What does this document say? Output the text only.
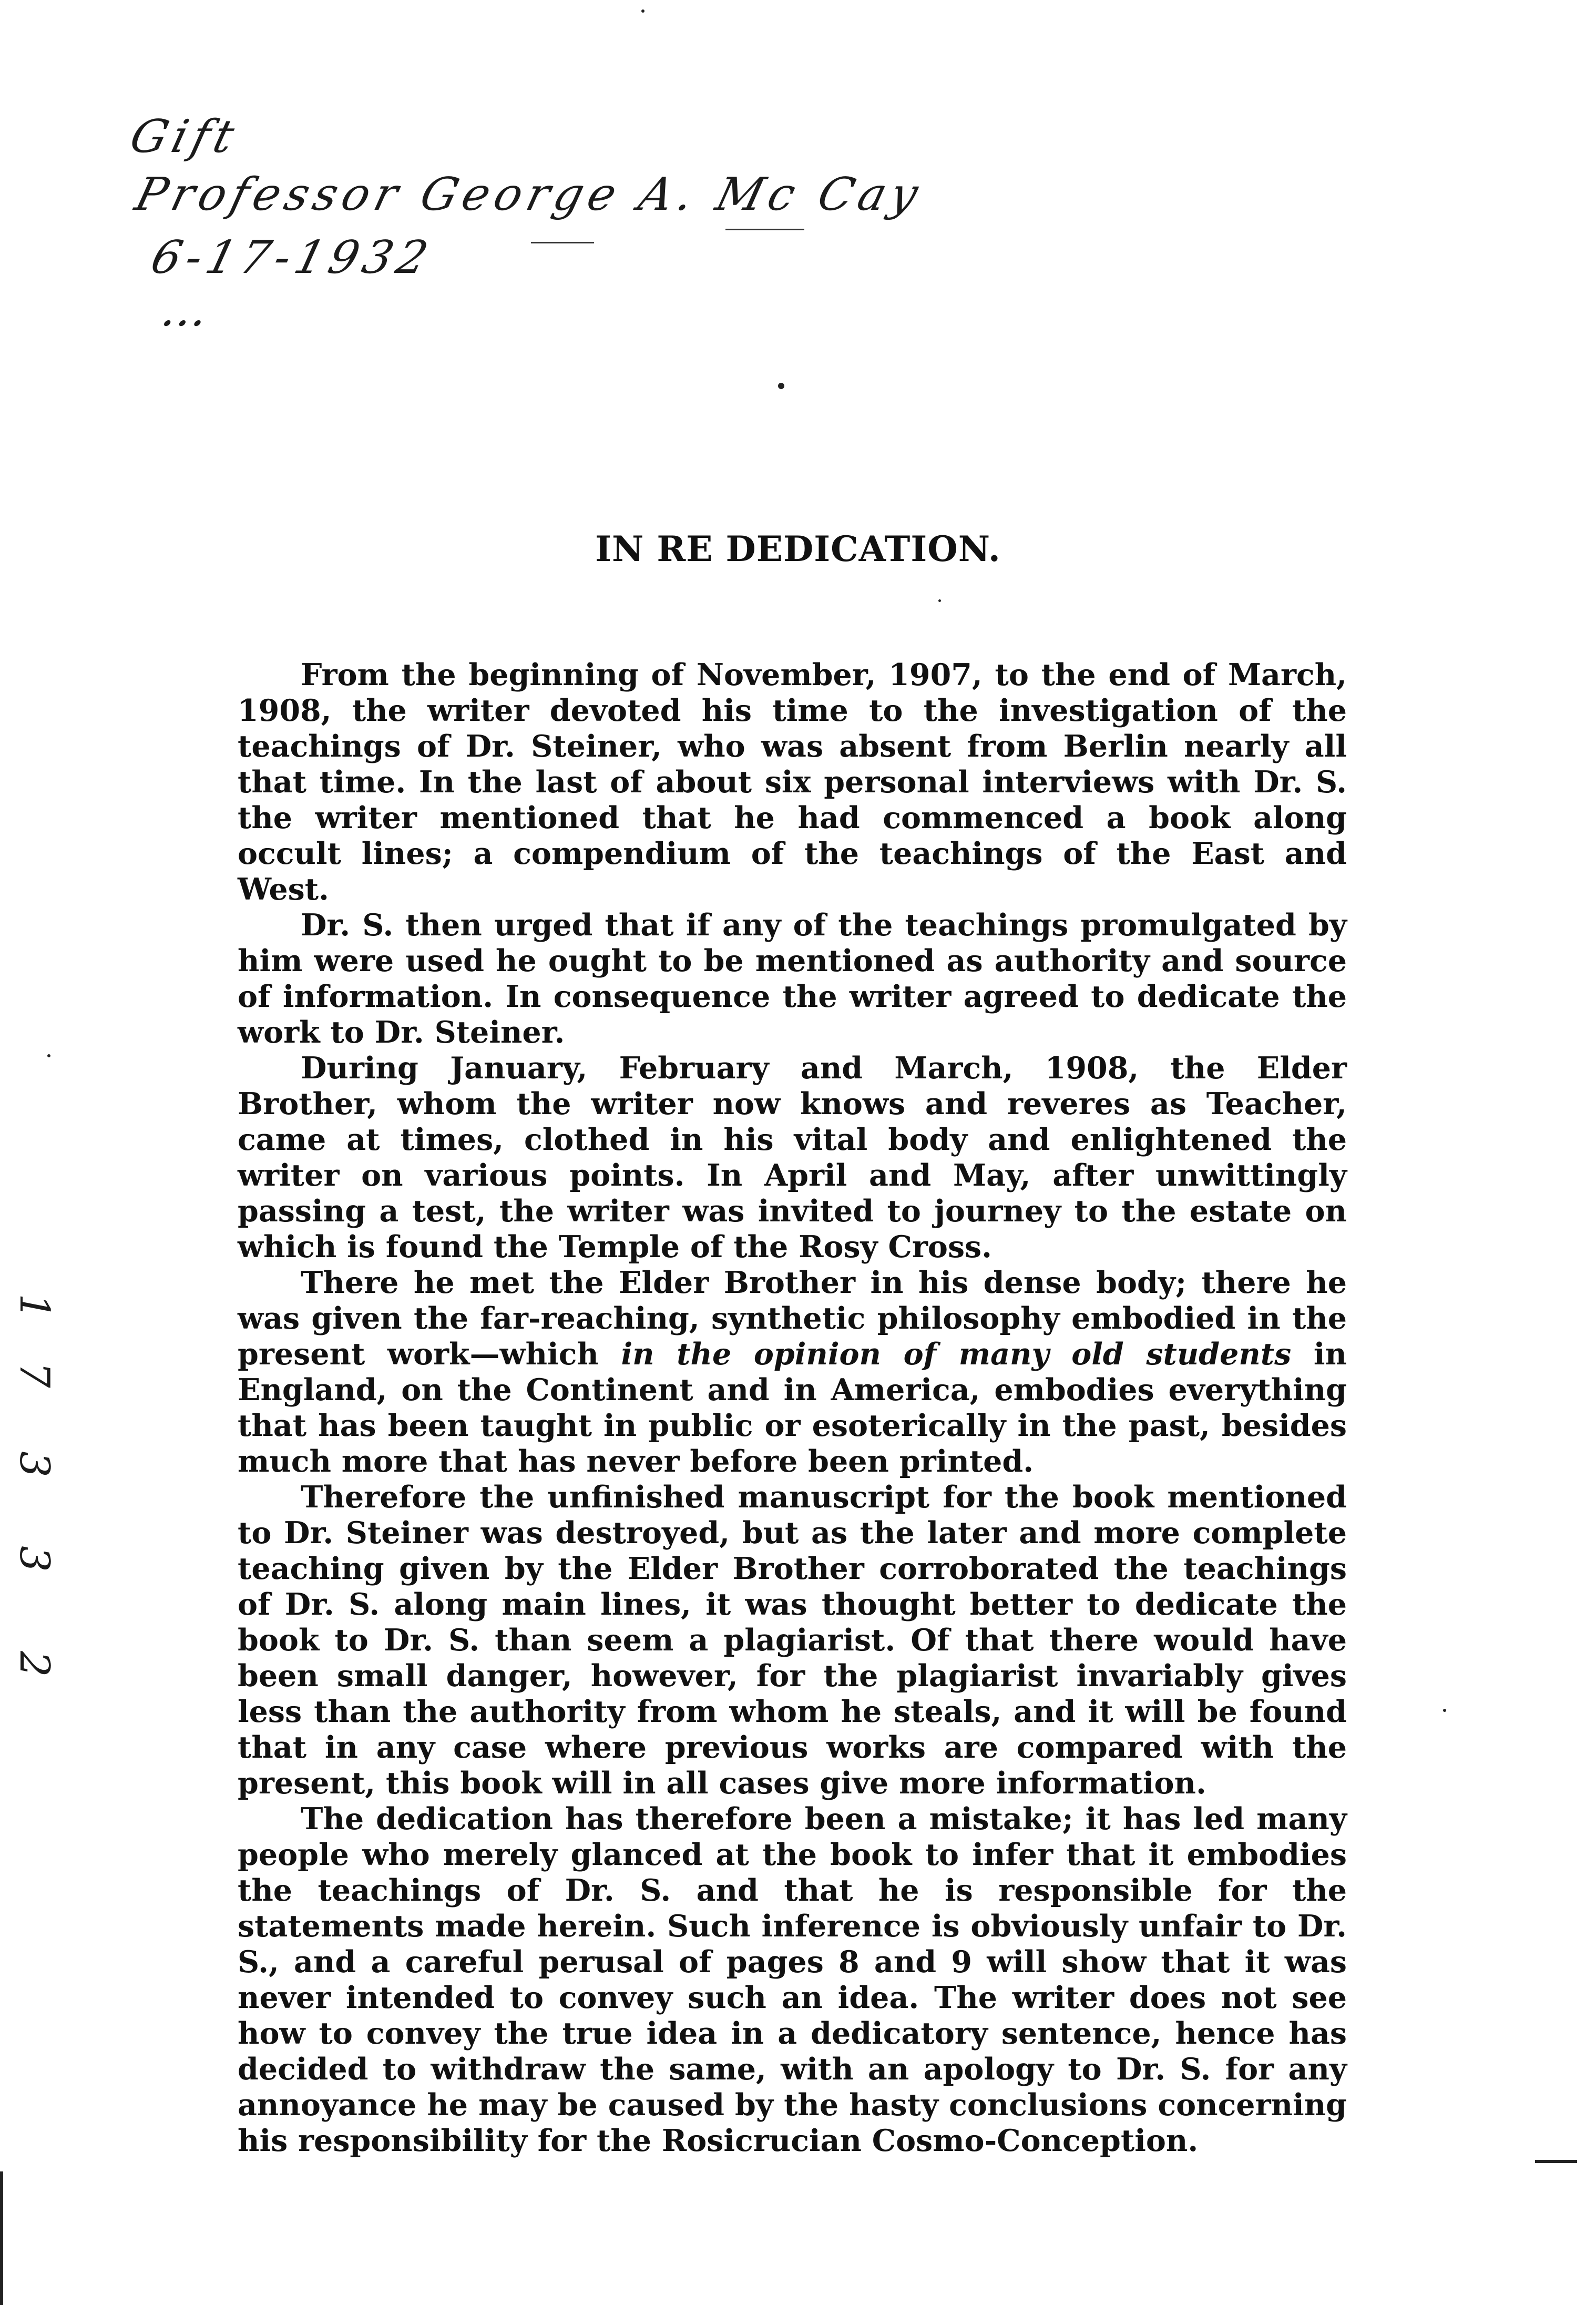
Gift
Professor George A. Mc Cay
6-17-1932
…
1
7
3
3
2
IN RE DEDICATION.

From the beginning of November, 1907, to the end of March, 1908, the writer devoted his time to the investigation of the teachings of Dr. Steiner, who was absent from Berlin nearly all that time. In the last of about six personal interviews with Dr. S. the writer mentioned that he had commenced a book along occult lines; a compendium of the teachings of the East and West.

Dr. S. then urged that if any of the teachings promulgated by him were used he ought to be mentioned as authority and source of information. In consequence the writer agreed to dedicate the work to Dr. Steiner.

During January, February and March, 1908, the Elder Brother, whom the writer now knows and reveres as Teacher, came at times, clothed in his vital body and enlightened the writer on various points. In April and May, after unwittingly passing a test, the writer was invited to journey to the estate on which is found the Temple of the Rosy Cross.

There he met the Elder Brother in his dense body; there he was given the far-reaching, synthetic philosophy embodied in the present work—which in the opinion of many old students in England, on the Continent and in America, embodies everything that has been taught in public or esoterically in the past, besides much more that has never before been printed.

Therefore the unfinished manuscript for the book mentioned to Dr. Steiner was destroyed, but as the later and more complete teaching given by the Elder Brother corroborated the teachings of Dr. S. along main lines, it was thought better to dedicate the book to Dr. S. than seem a plagiarist. Of that there would have been small danger, however, for the plagiarist invariably gives less than the authority from whom he steals, and it will be found that in any case where previous works are compared with the present, this book will in all cases give more information.

The dedication has therefore been a mistake; it has led many people who merely glanced at the book to infer that it embodies the teachings of Dr. S. and that he is responsible for the statements made herein. Such inference is obviously unfair to Dr. S., and a careful perusal of pages 8 and 9 will show that it was never intended to convey such an idea. The writer does not see how to convey the true idea in a dedicatory sentence, hence has decided to withdraw the same, with an apology to Dr. S. for any annoyance he may be caused by the hasty conclusions concerning his responsibility for the Rosicrucian Cosmo-Conception.
